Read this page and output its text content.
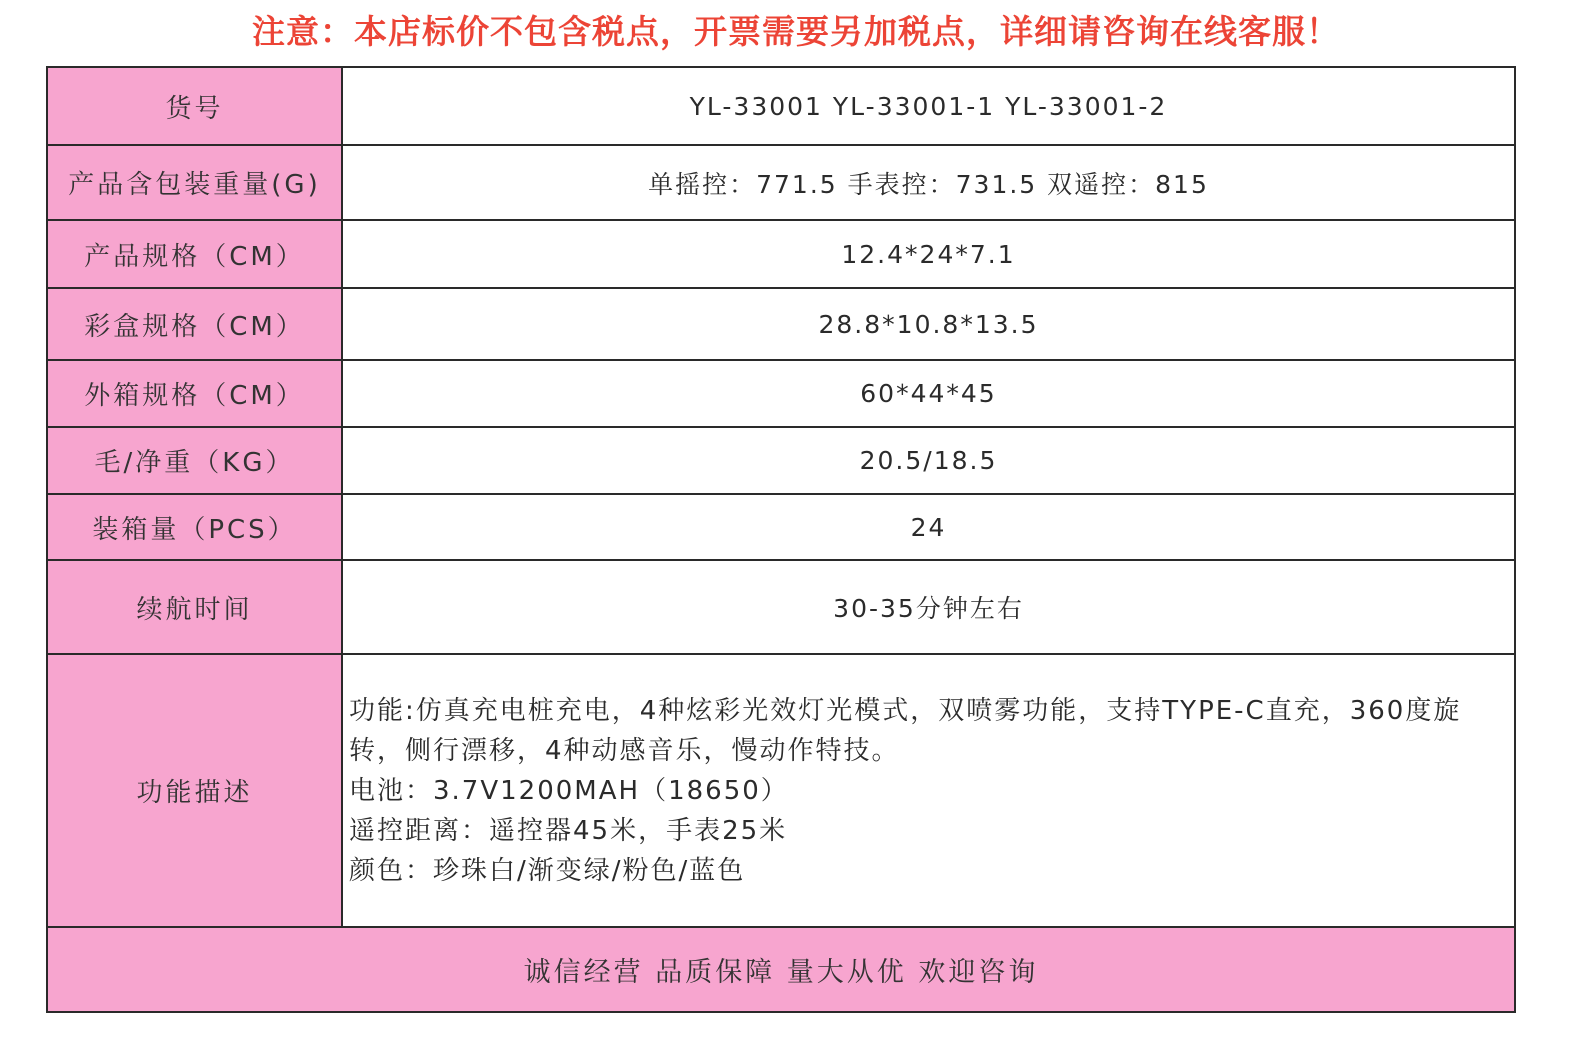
注意：本店标价不包含税点，开票需要另加税点，详细请咨询在线客服！
货号	YL-33001 YL-33001-1 YL-33001-2
产品含包装重量(G)	单摇控：771.5 手表控：731.5 双遥控：815
产品规格（CM）	12.4*24*7.1
彩盒规格（CM）	28.8*10.8*13.5
外箱规格（CM）	60*44*45
毛/净重（KG）	20.5/18.5
装箱量（PCS）	24
续航时间	30-35分钟左右
功能描述	功能:仿真充电桩充电，4种炫彩光效灯光模式，双喷雾功能，支持TYPE-C直充，360度旋转，侧行漂移，4种动感音乐，慢动作特技。
电池：3.7V1200MAH（18650）
遥控距离：遥控器45米，手表25米
颜色：珍珠白/渐变绿/粉色/蓝色

诚信经营 品质保障 量大从优 欢迎咨询	
